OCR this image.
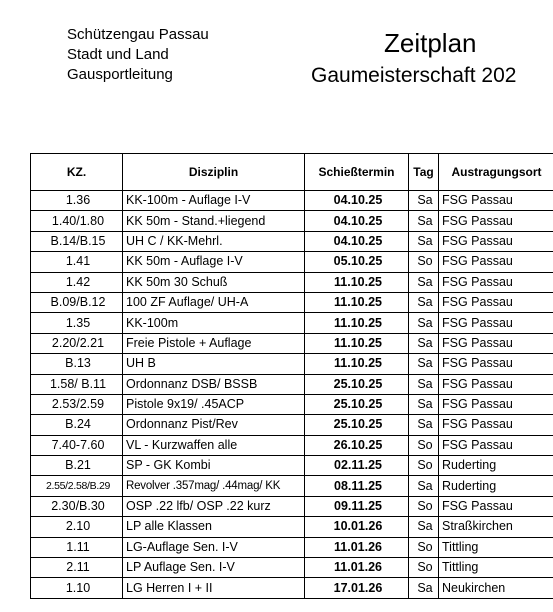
Schützengau Passau
Stadt und Land
Gausportleitung
Zeitplan
Gaumeisterschaft 202
KZ.	Disziplin	Schießtermin	Tag	Austragungsort
1.36	KK-100m - Auflage I-V	04.10.25	Sa	FSG Passau
1.40/1.80	KK 50m - Stand.+liegend	04.10.25	Sa	FSG Passau
B.14/B.15	UH C / KK-Mehrl.	04.10.25	Sa	FSG Passau
1.41	KK 50m - Auflage I-V	05.10.25	So	FSG Passau
1.42	KK 50m 30 Schuß	11.10.25	Sa	FSG Passau
B.09/B.12	100 ZF Auflage/ UH-A	11.10.25	Sa	FSG Passau
1.35	KK-100m	11.10.25	Sa	FSG Passau
2.20/2.21	Freie Pistole + Auflage	11.10.25	Sa	FSG Passau
B.13	UH B	11.10.25	Sa	FSG Passau
1.58/ B.11	Ordonnanz DSB/ BSSB	25.10.25	Sa	FSG Passau
2.53/2.59	Pistole 9x19/ .45ACP	25.10.25	Sa	FSG Passau
B.24	Ordonnanz Pist/Rev	25.10.25	Sa	FSG Passau
7.40-7.60	VL - Kurzwaffen alle	26.10.25	So	FSG Passau
B.21	SP - GK Kombi	02.11.25	So	Ruderting
2.55/2.58/B.29	Revolver .357mag/ .44mag/ KK	08.11.25	Sa	Ruderting
2.30/B.30	OSP .22 lfb/ OSP .22 kurz	09.11.25	So	FSG Passau
2.10	LP alle Klassen	10.01.26	Sa	Straßkirchen
1.11	LG-Auflage Sen. I-V	11.01.26	So	Tittling
2.11	LP Auflage Sen. I-V	11.01.26	So	Tittling
1.10	LG Herren I + II	17.01.26	Sa	Neukirchen
